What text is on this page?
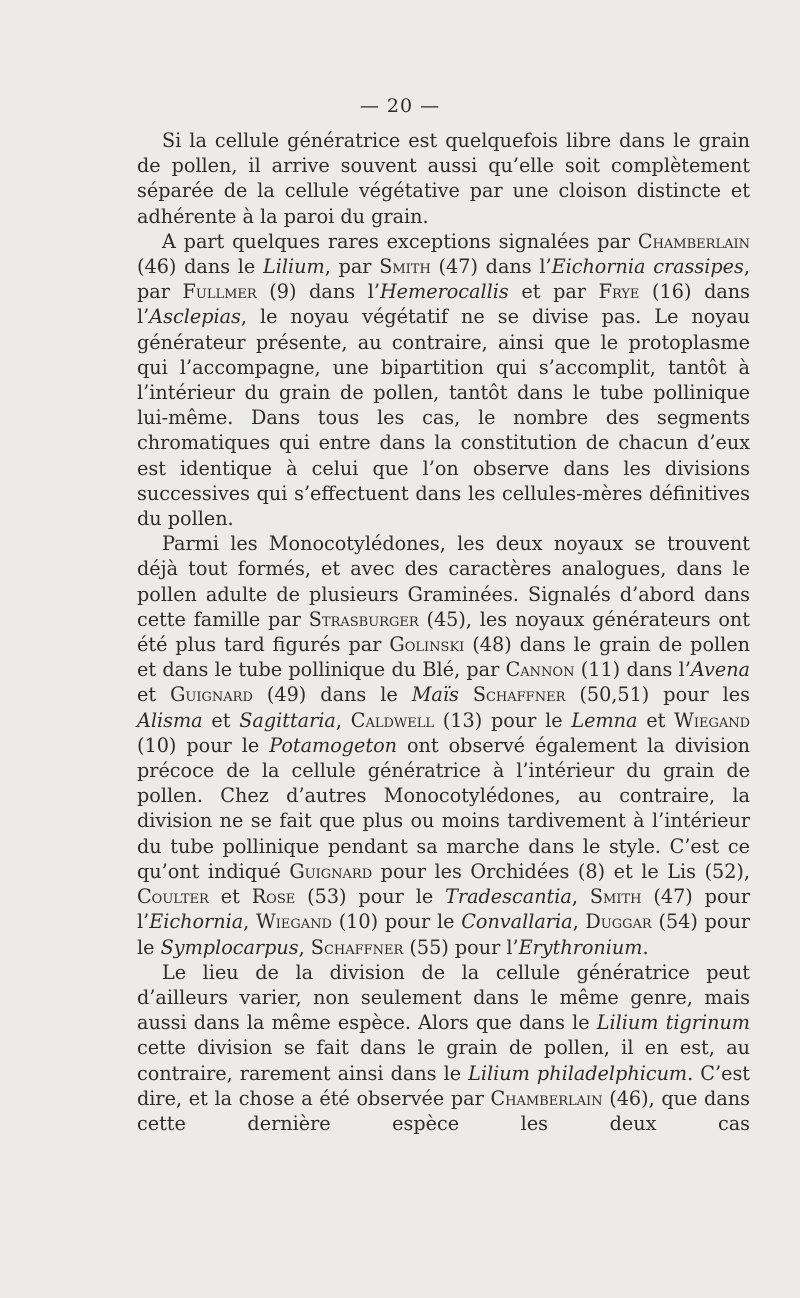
— 20 —

Si la cellule génératrice est quelquefois libre dans le grain de pollen, il arrive souvent aussi qu’elle soit complètement séparée de la cellule végétative par une cloison distincte et adhérente à la paroi du grain.

A part quelques rares exceptions signalées par Chamberlain (46) dans le Lilium, par Smith (47) dans l’Eichornia crassipes, par Fullmer (9) dans l’Hemerocallis et par Frye (16) dans l’Asclepias, le noyau végétatif ne se divise pas. Le noyau générateur présente, au contraire, ainsi que le protoplasme qui l’accompagne, une bipartition qui s’accomplit, tantôt à l’intérieur du grain de pollen, tantôt dans le tube pollinique lui-même. Dans tous les cas, le nombre des segments chromatiques qui entre dans la constitution de chacun d’eux est identique à celui que l’on observe dans les divisions successives qui s’effectuent dans les cellules-mères définitives du pollen.

Parmi les Monocotylédones, les deux noyaux se trouvent déjà tout formés, et avec des caractères analogues, dans le pollen adulte de plusieurs Graminées. Signalés d’abord dans cette famille par Strasburger (45), les noyaux générateurs ont été plus tard figurés par Golinski (48) dans le grain de pollen et dans le tube pollinique du Blé, par Cannon (11) dans l’Avena et Guignard (49) dans le Maïs Schaffner (50,51) pour les Alisma et Sagittaria, Caldwell (13) pour le Lemna et Wiegand (10) pour le Potamogeton ont observé également la division précoce de la cellule génératrice à l’intérieur du grain de pollen. Chez d’autres Monocotylédones, au contraire, la division ne se fait que plus ou moins tardivement à l’intérieur du tube pollinique pendant sa marche dans le style. C’est ce qu’ont indiqué Guignard pour les Orchidées (8) et le Lis (52), Coulter et Rose (53) pour le Tradescantia, Smith (47) pour l’Eichornia, Wiegand (10) pour le Convallaria, Duggar (54) pour le Symplocarpus, Schaffner (55) pour l’Erythronium.

Le lieu de la division de la cellule génératrice peut d’ailleurs varier, non seulement dans le même genre, mais aussi dans la même espèce. Alors que dans le Lilium tigrinum cette division se fait dans le grain de pollen, il en est, au contraire, rarement ainsi dans le Lilium philadelphicum. C’est dire, et la chose a été observée par Chamberlain (46), que dans cette dernière espèce les deux cas
